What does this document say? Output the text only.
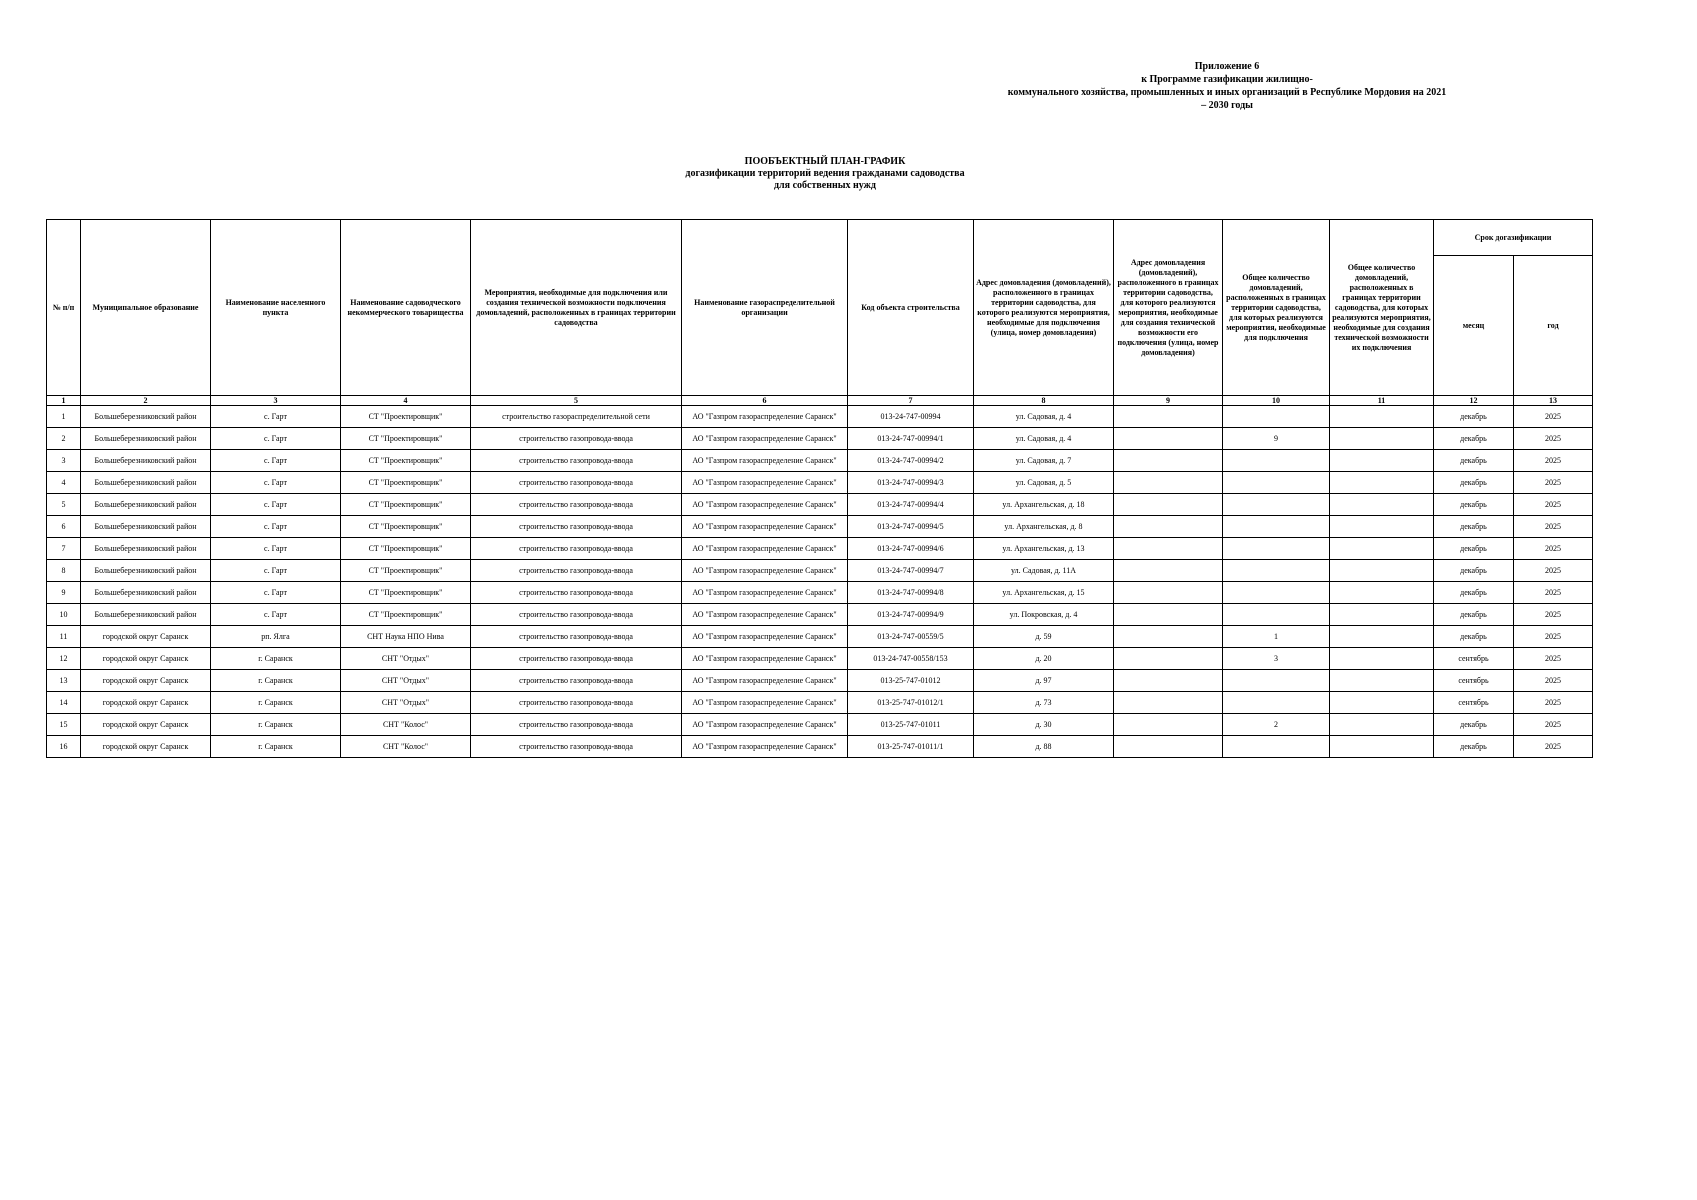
Приложение 6
к Программе газификации жилищно-
коммунального хозяйства, промышленных и иных организаций в Республике Мордовия на 2021
– 2030 годы
ПООБЪЕКТНЫЙ ПЛАН-ГРАФИК
догазификации территорий ведения гражданами садоводства
для собственных нужд
№ п/п	Муниципальное образование	Наименование населенного пункта	Наименование садоводческого некоммерческого товарищества	Мероприятия, необходимые для подключения или создания технической возможности подключения домовладений, расположенных в границах территории садоводства	Наименование газораспределительной организации	Код объекта строительства	Адрес домовладения (домовладений), расположенного в границах территории садоводства, для которого реализуются мероприятия, необходимые для подключения (улица, номер домовладения)	Адрес домовладения (домовладений), расположенного в границах территории садоводства, для которого реализуются мероприятия, необходимые для создания технической возможности его подключения (улица, номер домовладения)	Общее количество домовладений, расположенных в границах территории садоводства, для которых реализуются мероприятия, необходимые для подключения	Общее количество домовладений, расположенных в границах территории садоводства, для которых реализуются мероприятия, необходимые для создания технической возможности их подключения	Срок догазификации	
											месяц	год
1	2	3	4	5	6	7	8	9	10	11	12	13
1	Большеберезниковский район	с. Гарт	СТ "Проектировщик"	строительство газораспределительной сети	АО "Газпром газораспределение Саранск"	013-24-747-00994	ул. Садовая, д. 4				декабрь	2025
2	Большеберезниковский район	с. Гарт	СТ "Проектировщик"	строительство газопровода-ввода	АО "Газпром газораспределение Саранск"	013-24-747-00994/1	ул. Садовая, д. 4		9		декабрь	2025
3	Большеберезниковский район	с. Гарт	СТ "Проектировщик"	строительство газопровода-ввода	АО "Газпром газораспределение Саранск"	013-24-747-00994/2	ул. Садовая, д. 7				декабрь	2025
4	Большеберезниковский район	с. Гарт	СТ "Проектировщик"	строительство газопровода-ввода	АО "Газпром газораспределение Саранск"	013-24-747-00994/3	ул. Садовая, д. 5				декабрь	2025
5	Большеберезниковский район	с. Гарт	СТ "Проектировщик"	строительство газопровода-ввода	АО "Газпром газораспределение Саранск"	013-24-747-00994/4	ул. Архангельская, д. 18				декабрь	2025
6	Большеберезниковский район	с. Гарт	СТ "Проектировщик"	строительство газопровода-ввода	АО "Газпром газораспределение Саранск"	013-24-747-00994/5	ул. Архангельская, д. 8				декабрь	2025
7	Большеберезниковский район	с. Гарт	СТ "Проектировщик"	строительство газопровода-ввода	АО "Газпром газораспределение Саранск"	013-24-747-00994/6	ул. Архангельская, д. 13				декабрь	2025
8	Большеберезниковский район	с. Гарт	СТ "Проектировщик"	строительство газопровода-ввода	АО "Газпром газораспределение Саранск"	013-24-747-00994/7	ул. Садовая, д. 11А				декабрь	2025
9	Большеберезниковский район	с. Гарт	СТ "Проектировщик"	строительство газопровода-ввода	АО "Газпром газораспределение Саранск"	013-24-747-00994/8	ул. Архангельская, д. 15				декабрь	2025
10	Большеберезниковский район	с. Гарт	СТ "Проектировщик"	строительство газопровода-ввода	АО "Газпром газораспределение Саранск"	013-24-747-00994/9	ул. Покровская, д. 4				декабрь	2025
11	городской округ Саранск	рп. Ялга	СНТ Наука НПО Нива	строительство газопровода-ввода	АО "Газпром газораспределение Саранск"	013-24-747-00559/5	д. 59		1		декабрь	2025
12	городской округ Саранск	г. Саранск	СНТ "Отдых"	строительство газопровода-ввода	АО "Газпром газораспределение Саранск"	013-24-747-00558/153	д. 20		3		сентябрь	2025
13	городской округ Саранск	г. Саранск	СНТ "Отдых"	строительство газопровода-ввода	АО "Газпром газораспределение Саранск"	013-25-747-01012	д. 97				сентябрь	2025
14	городской округ Саранск	г. Саранск	СНТ "Отдых"	строительство газопровода-ввода	АО "Газпром газораспределение Саранск"	013-25-747-01012/1	д. 73				сентябрь	2025
15	городской округ Саранск	г. Саранск	СНТ "Колос"	строительство газопровода-ввода	АО "Газпром газораспределение Саранск"	013-25-747-01011	д. 30		2		декабрь	2025
16	городской округ Саранск	г. Саранск	СНТ "Колос"	строительство газопровода-ввода	АО "Газпром газораспределение Саранск"	013-25-747-01011/1	д. 88				декабрь	2025
